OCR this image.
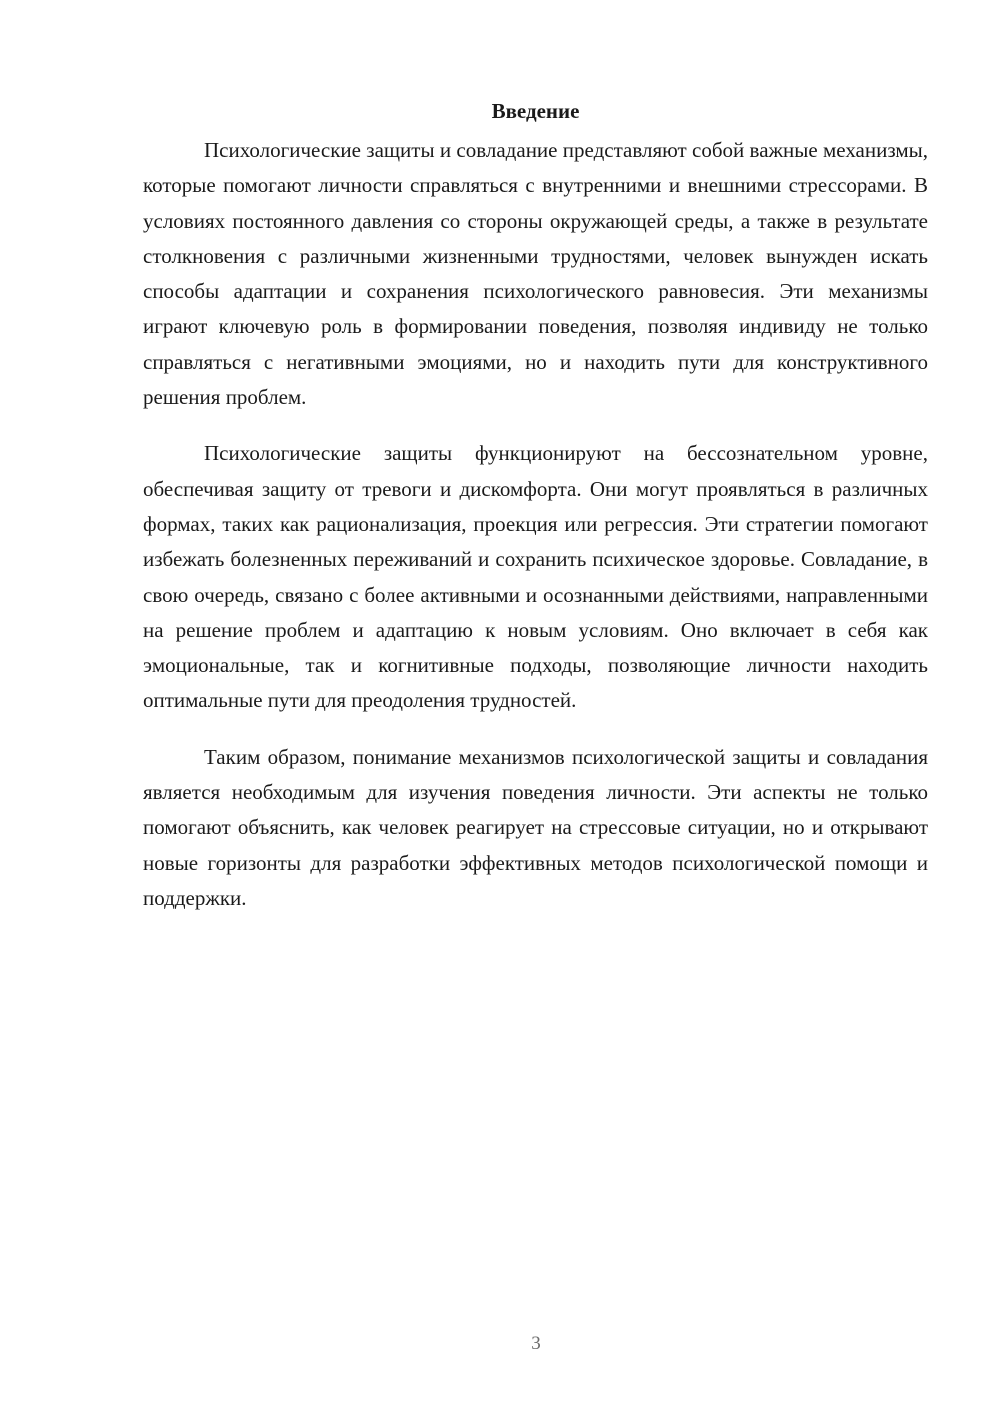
Введение

Психологические защиты и совладание представляют собой важные механизмы, которые помогают личности справляться с внутренними и внешними стрессорами. В условиях постоянного давления со стороны окружающей среды, а также в результате столкновения с различными жизненными трудностями, человек вынужден искать способы адаптации и сохранения психологического равновесия. Эти механизмы играют ключевую роль в формировании поведения, позволяя индивиду не только справляться с негативными эмоциями, но и находить пути для конструктивного решения проблем.

Психологические защиты функционируют на бессознательном уровне, обеспечивая защиту от тревоги и дискомфорта. Они могут проявляться в различных формах, таких как рационализация, проекция или регрессия. Эти стратегии помогают избежать болезненных переживаний и сохранить психическое здоровье. Совладание, в свою очередь, связано с более активными и осознанными действиями, направленными на решение проблем и адаптацию к новым условиям. Оно включает в себя как эмоциональные, так и когнитивные подходы, позволяющие личности находить оптимальные пути для преодоления трудностей.

Таким образом, понимание механизмов психологической защиты и совладания является необходимым для изучения поведения личности. Эти аспекты не только помогают объяснить, как человек реагирует на стрессовые ситуации, но и открывают новые горизонты для разработки эффективных методов психологической помощи и поддержки.

3
